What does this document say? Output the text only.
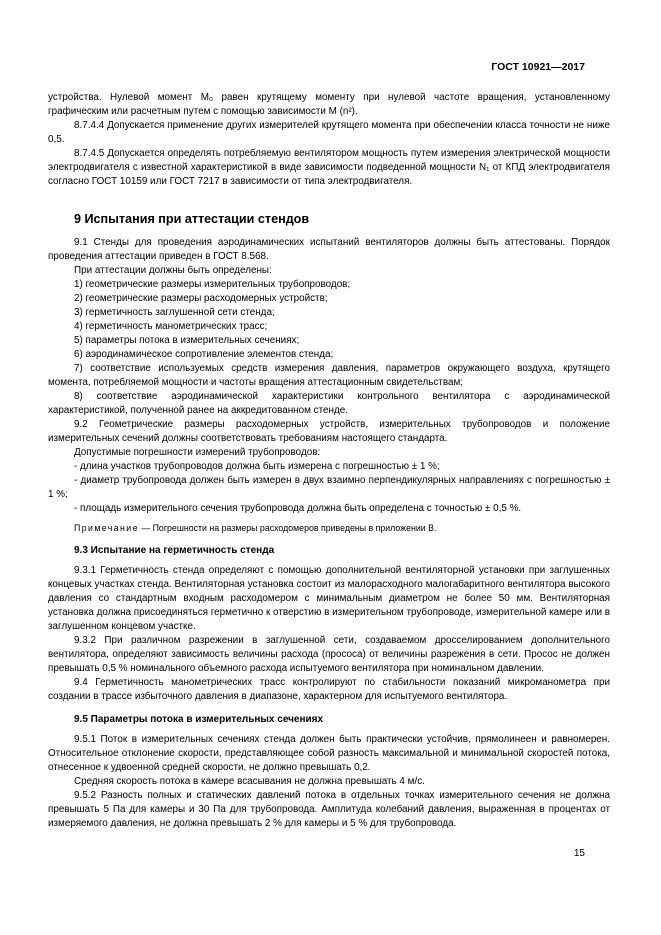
ГОСТ 10921—2017

устройства. Нулевой момент M₀ равен крутящему моменту при нулевой частоте вращения, установленному графическим или расчетным путем с помощью зависимости M (n²).

8.7.4.4 Допускается применение других измерителей крутящего момента при обеспечении класса точности не ниже 0,5.

8.7.4.5 Допускается определять потребляемую вентилятором мощность путем измерения электрической мощности электродвигателя с известной характеристикой в виде зависимости подведенной мощности N₁ от КПД электродвигателя согласно ГОСТ 10159 или ГОСТ 7217 в зависимости от типа электродвигателя.

9 Испытания при аттестации стендов

9.1 Стенды для проведения аэродинамических испытаний вентиляторов должны быть аттестованы. Порядок проведения аттестации приведен в ГОСТ 8.568.

При аттестации должны быть определены:

1) геометрические размеры измерительных трубопроводов;

2) геометрические размеры расходомерных устройств;

3) герметичность заглушенной сети стенда;

4) герметичность манометрических трасс;

5) параметры потока в измерительных сечениях;

6) аэродинамическое сопротивление элементов стенда;

7) соответствие используемых средств измерения давления, параметров окружающего воздуха, крутящего момента, потребляемой мощности и частоты вращения аттестационным свидетельствам;

8) соответствие аэродинамической характеристики контрольного вентилятора с аэродинамической характеристикой, полученной ранее на аккредитованном стенде.

9.2 Геометрические размеры расходомерных устройств, измерительных трубопроводов и положение измерительных сечений должны соответствовать требованиям настоящего стандарта.

Допустимые погрешности измерений трубопроводов:

- длина участков трубопроводов должна быть измерена с погрешностью ± 1 %;

- диаметр трубопровода должен быть измерен в двух взаимно перпендикулярных направлениях с погрешностью ± 1 %;

- площадь измерительного сечения трубопровода должна быть определена с точностью ± 0,5 %.

Примечание — Погрешности на размеры расходомеров приведены в приложении В.
9.3 Испытание на герметичность стенда

9.3.1 Герметичность стенда определяют с помощью дополнительной вентиляторной установки при заглушенных концевых участках стенда. Вентиляторная установка состоит из малорасходного малогабаритного вентилятора высокого давления со стандартным входным расходомером с минимальным диаметром не более 50 мм. Вентиляторная установка должна присоединяться герметично к отверстию в измерительном трубопроводе, измерительной камере или в заглушенном концевом участке.

9.3.2 При различном разрежении в заглушенной сети, создаваемом дросселированием дополнительного вентилятора, определяют зависимость величины расхода (прососа) от величины разрежения в сети. Просос не должен превышать 0,5 % номинального объемного расхода испытуемого вентилятора при номинальном давлении.

9.4 Герметичность манометрических трасс контролируют по стабильности показаний микроманометра при создании в трассе избыточного давления в диапазоне, характерном для испытуемого вентилятора.

9.5 Параметры потока в измерительных сечениях

9.5.1 Поток в измерительных сечениях стенда должен быть практически устойчив, прямолинеен и равномерен. Относительное отклонение скорости, представляющее собой разность максимальной и минимальной скоростей потока, отнесенное к удвоенной средней скорости, не должно превышать 0,2.

Средняя скорость потока в камере всасывания не должна превышать 4 м/с.

9.5.2 Разность полных и статических давлений потока в отдельных точках измерительного сечения не должна превышать 5 Па для камеры и 30 Па для трубопровода. Амплитуда колебаний давления, выраженная в процентах от измеряемого давления, не должна превышать 2 % для камеры и 5 % для трубопровода.

15
